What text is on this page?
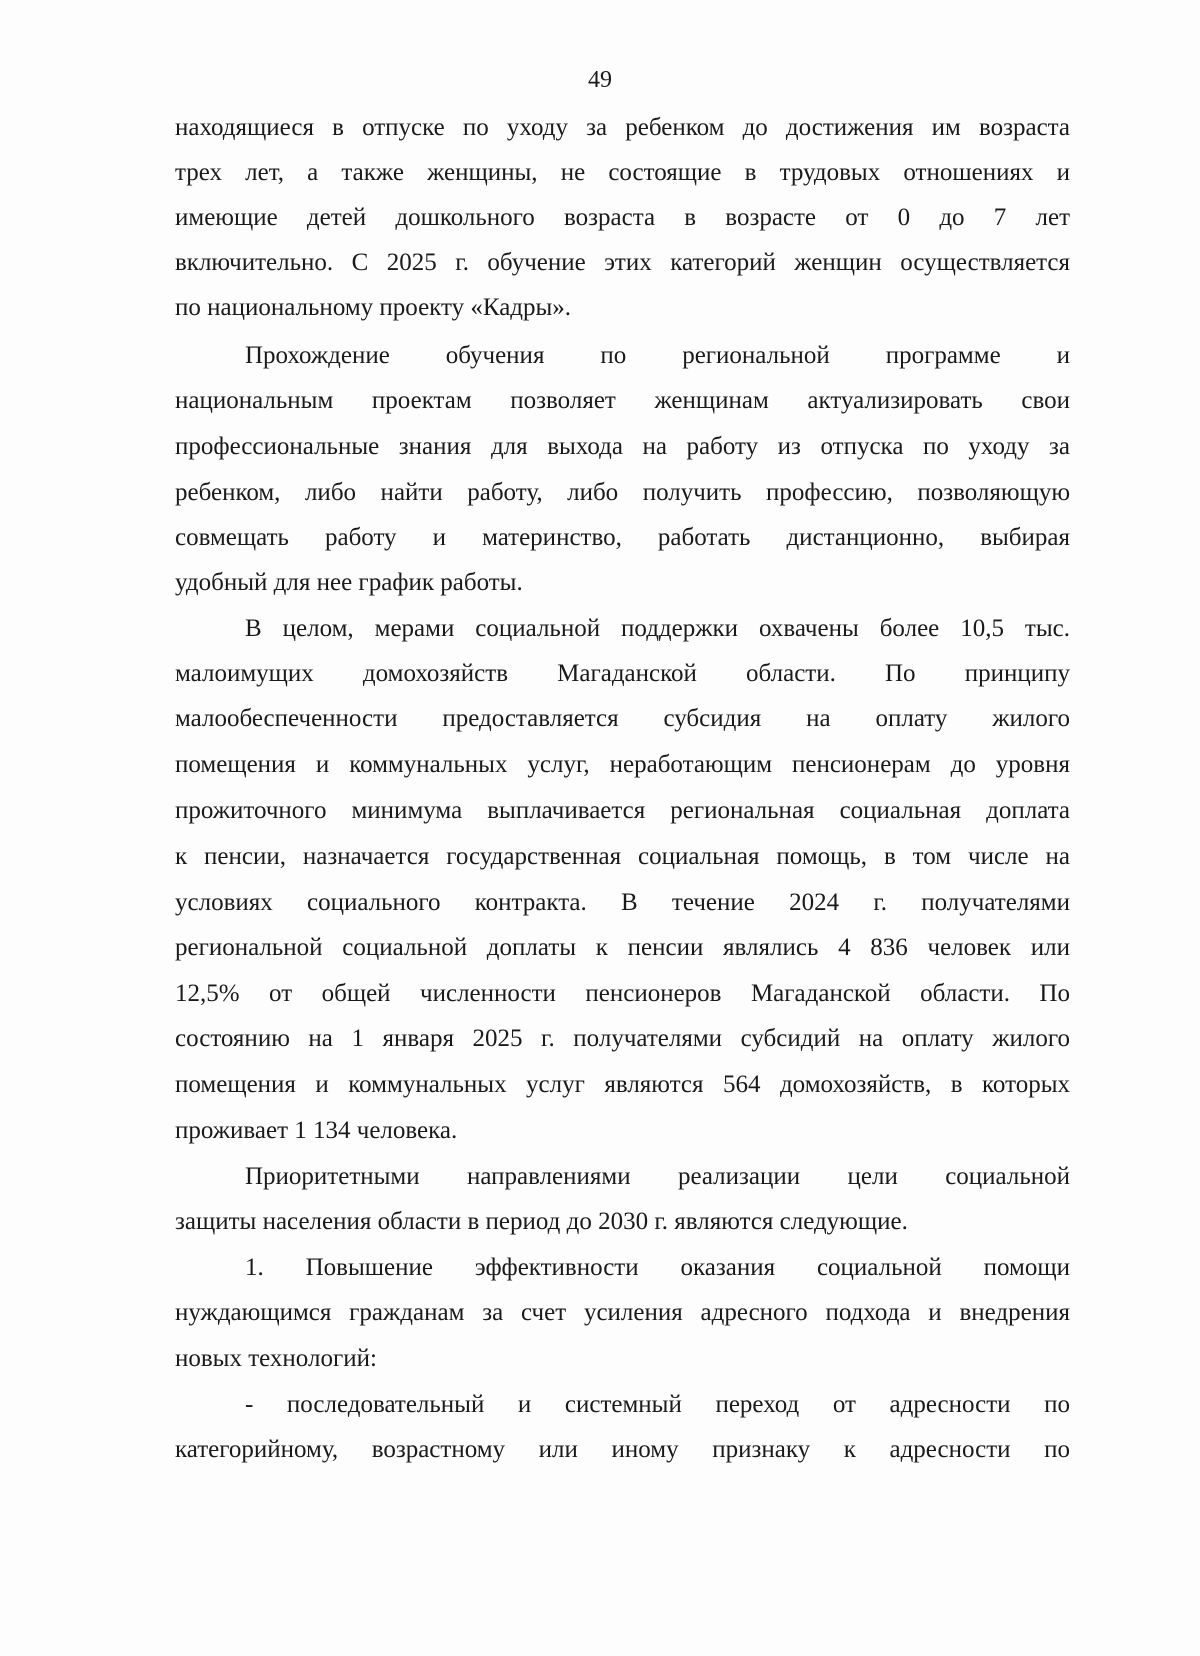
49
находящиеся в отпуске по уходу за ребенком до достижения им возраста
трех лет, а также женщины, не состоящие в трудовых отношениях и
имеющие детей дошкольного возраста в возрасте от 0 до 7 лет
включительно. С 2025 г. обучение этих категорий женщин осуществляется
по национальному проекту «Кадры».
Прохождение обучения по региональной программе и
национальным проектам позволяет женщинам актуализировать свои
профессиональные знания для выхода на работу из отпуска по уходу за
ребенком, либо найти работу, либо получить профессию, позволяющую
совмещать работу и материнство, работать дистанционно, выбирая
удобный для нее график работы.
В целом, мерами социальной поддержки охвачены более 10,5 тыс.
малоимущих домохозяйств Магаданской области. По принципу
малообеспеченности предоставляется субсидия на оплату жилого
помещения и коммунальных услуг, неработающим пенсионерам до уровня
прожиточного минимума выплачивается региональная социальная доплата
к пенсии, назначается государственная социальная помощь, в том числе на
условиях социального контракта. В течение 2024 г. получателями
региональной социальной доплаты к пенсии являлись 4 836 человек или
12,5% от общей численности пенсионеров Магаданской области. По
состоянию на 1 января 2025 г. получателями субсидий на оплату жилого
помещения и коммунальных услуг являются 564 домохозяйств, в которых
проживает 1 134 человека.
Приоритетными направлениями реализации цели социальной
защиты населения области в период до 2030 г. являются следующие.
1. Повышение эффективности оказания социальной помощи
нуждающимся гражданам за счет усиления адресного подхода и внедрения
новых технологий:
- последовательный и системный переход от адресности по
категорийному, возрастному или иному признаку к адресности по
